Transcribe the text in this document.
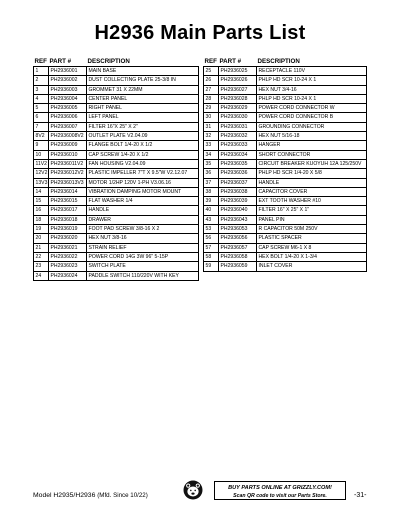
H2936 Main Parts List
REF	PART #	DESCRIPTION
1	PH2936001	MAIN BASE
2	PH2936002	DUST COLLECTING PLATE 25-3/8 IN
3	PH2936003	GROMMET 31 X 22MM
4	PH2936004	CENTER PANEL
5	PH2936005	RIGHT PANEL
6	PH2936006	LEFT PANEL
7	PH2936007	FILTER 16"X 25" X 2"
8V2	PH2936008V2	OUTLET PLATE V2.04.09
9	PH2936009	FLANGE BOLT 1/4-20 X 1/2
10	PH2936010	CAP SCREW 1/4-20 X 1/2
11V2	PH2936011V2	FAN HOUSING V2.04.09
12V2	PH2936012V2	PLASTIC IMPELLER 7"T X 9.5"W V2.12.07
13V3	PH2936013V3	MOTOR 1/2HP 120V 1-PH V3.06.16
14	PH2936014	VIBRATION DAMPING MOTOR MOUNT
15	PH2936015	FLAT WASHER 1/4
16	PH2936017	HANDLE
18	PH2936018	DRAWER
19	PH2936019	FOOT PAD SCREW 3/8-16 X 2
20	PH2936020	HEX NUT 3/8-16
21	PH2936021	STRAIN RELIEF
22	PH2936022	POWER CORD 14G 3W 96" 5-15P
23	PH2936023	SWITCH PLATE
24	PH2936024	PADDLE SWITCH 110/220V WITH KEY
REF	PART #	DESCRIPTION
25	PH2936025	RECEPTACLE 110V
26	PH2936026	PHLP HD SCR 10-24 X 1
27	PH2936027	HEX NUT 3/4-16
28	PH2936028	PHLP HD SCR 10-24 X 1
29	PH2936029	POWER CORD CONNECTOR W
30	PH2936030	POWER CORD CONNECTOR B
31	PH2936031	GROUNDING CONNECTOR
32	PH2936032	HEX NUT 5/16-18
33	PH2936033	HANGER
34	PH2936034	SHORT CONNECTOR
35	PH2936035	CIRCUIT BREAKER KUOYUH 12A 125/250V
36	PH2936036	PHLP HD SCR 1/4-20 X 5/8
37	PH2936037	HANDLE
38	PH2936038	CAPACITOR COVER
39	PH2936039	EXT TOOTH WASHER #10
40	PH2936040	FILTER 16" X 25" X 1"
43	PH2936043	PANEL PIN
53	PH2936053	R CAPACITOR 50M 250V
56	PH2936056	PLASTIC SPACER
57	PH2936057	CAP SCREW M6-1 X 8
58	PH2936058	HEX BOLT 1/4-20 X 1-3/4
59	PH2936059	INLET COVER
Model H2935/H2936 (Mfd. Since 10/22)
BUY PARTS ONLINE AT GRIZZLY.COM!
Scan QR code to visit our Parts Store.	-31-
